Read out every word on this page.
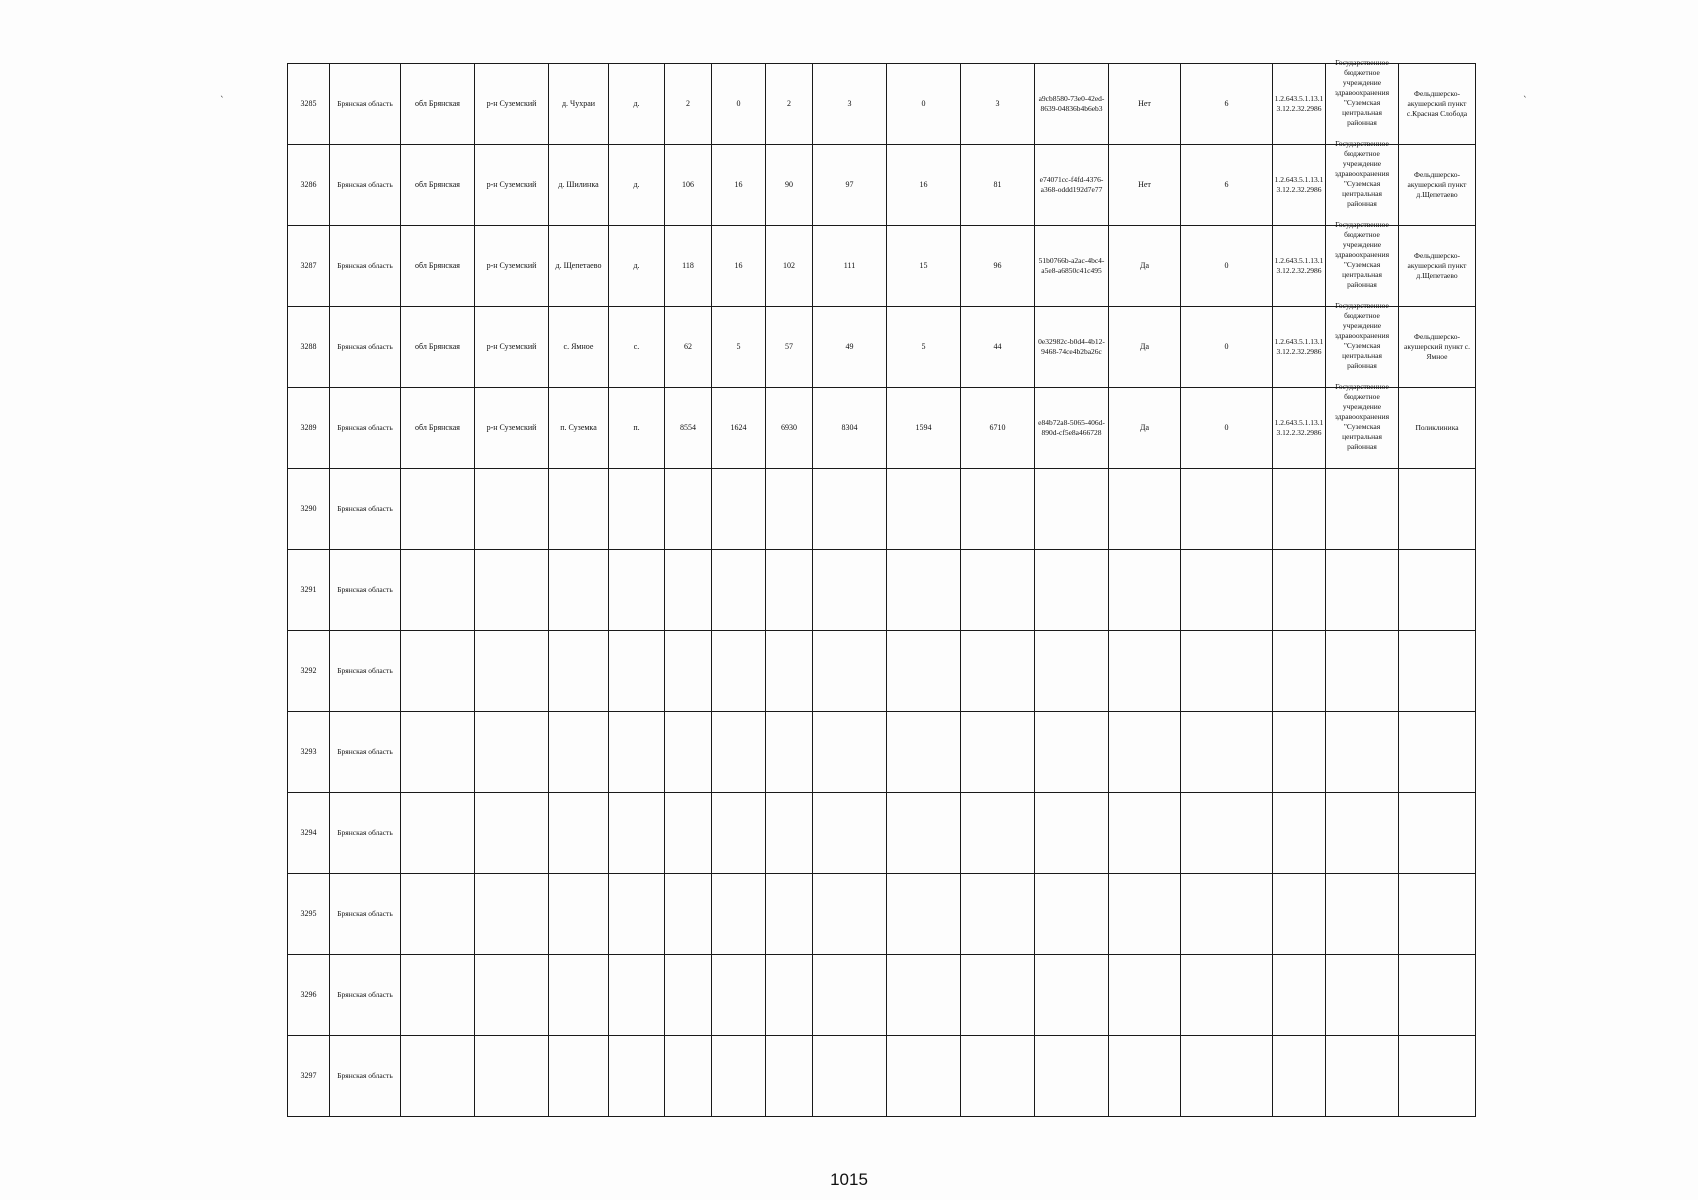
`	`
3285	Брянская область	обл Брянская	р-н Суземский	д. Чухраи	д.	2	0	2	3	0	3	a9cb8580-73e0-42ed-8639-04836b4b6eb3	Нет	6	1.2.643.5.1.13.13.12.2.32.2986	Государственное бюджетное учреждение здравоохранения "Суземская центральная районная	Фельдшерско-акушерский пункт с.Красная Слобода
3286	Брянская область	обл Брянская	р-н Суземский	д. Шилинка	д.	106	16	90	97	16	81	e74071cc-f4fd-4376-a368-oddd192d7e77	Нет	6	1.2.643.5.1.13.13.12.2.32.2986	Государственное бюджетное учреждение здравоохранения "Суземская центральная районная	Фельдшерско-акушерский пункт д.Щепетаево
3287	Брянская область	обл Брянская	р-н Суземский	д. Щепетаево	д.	118	16	102	111	15	96	51b0766b-a2ac-4bc4-a5e8-a6850c41c495	Да	0	1.2.643.5.1.13.13.12.2.32.2986	Государственное бюджетное учреждение здравоохранения "Суземская центральная районная	Фельдшерско-акушерский пункт д.Щепетаево
3288	Брянская область	обл Брянская	р-н Суземский	с. Ямное	с.	62	5	57	49	5	44	0e32982c-b0d4-4b12-9468-74ce4b2ba26c	Да	0	1.2.643.5.1.13.13.12.2.32.2986	Государственное бюджетное учреждение здравоохранения "Суземская центральная районная	Фельдшерско-акушерский пункт с. Ямное
3289	Брянская область	обл Брянская	р-н Суземский	п. Суземка	п.	8554	1624	6930	8304	1594	6710	e84b72a8-5065-406d-890d-cf5e8a466728	Да	0	1.2.643.5.1.13.13.12.2.32.2986	Государственное бюджетное учреждение здравоохранения "Суземская центральная районная	Поликлиника
3290	Брянская область															

3291	Брянская область															

3292	Брянская область															

3293	Брянская область															

3294	Брянская область															

3295	Брянская область															

3296	Брянская область															

3297	Брянская область															

1015
